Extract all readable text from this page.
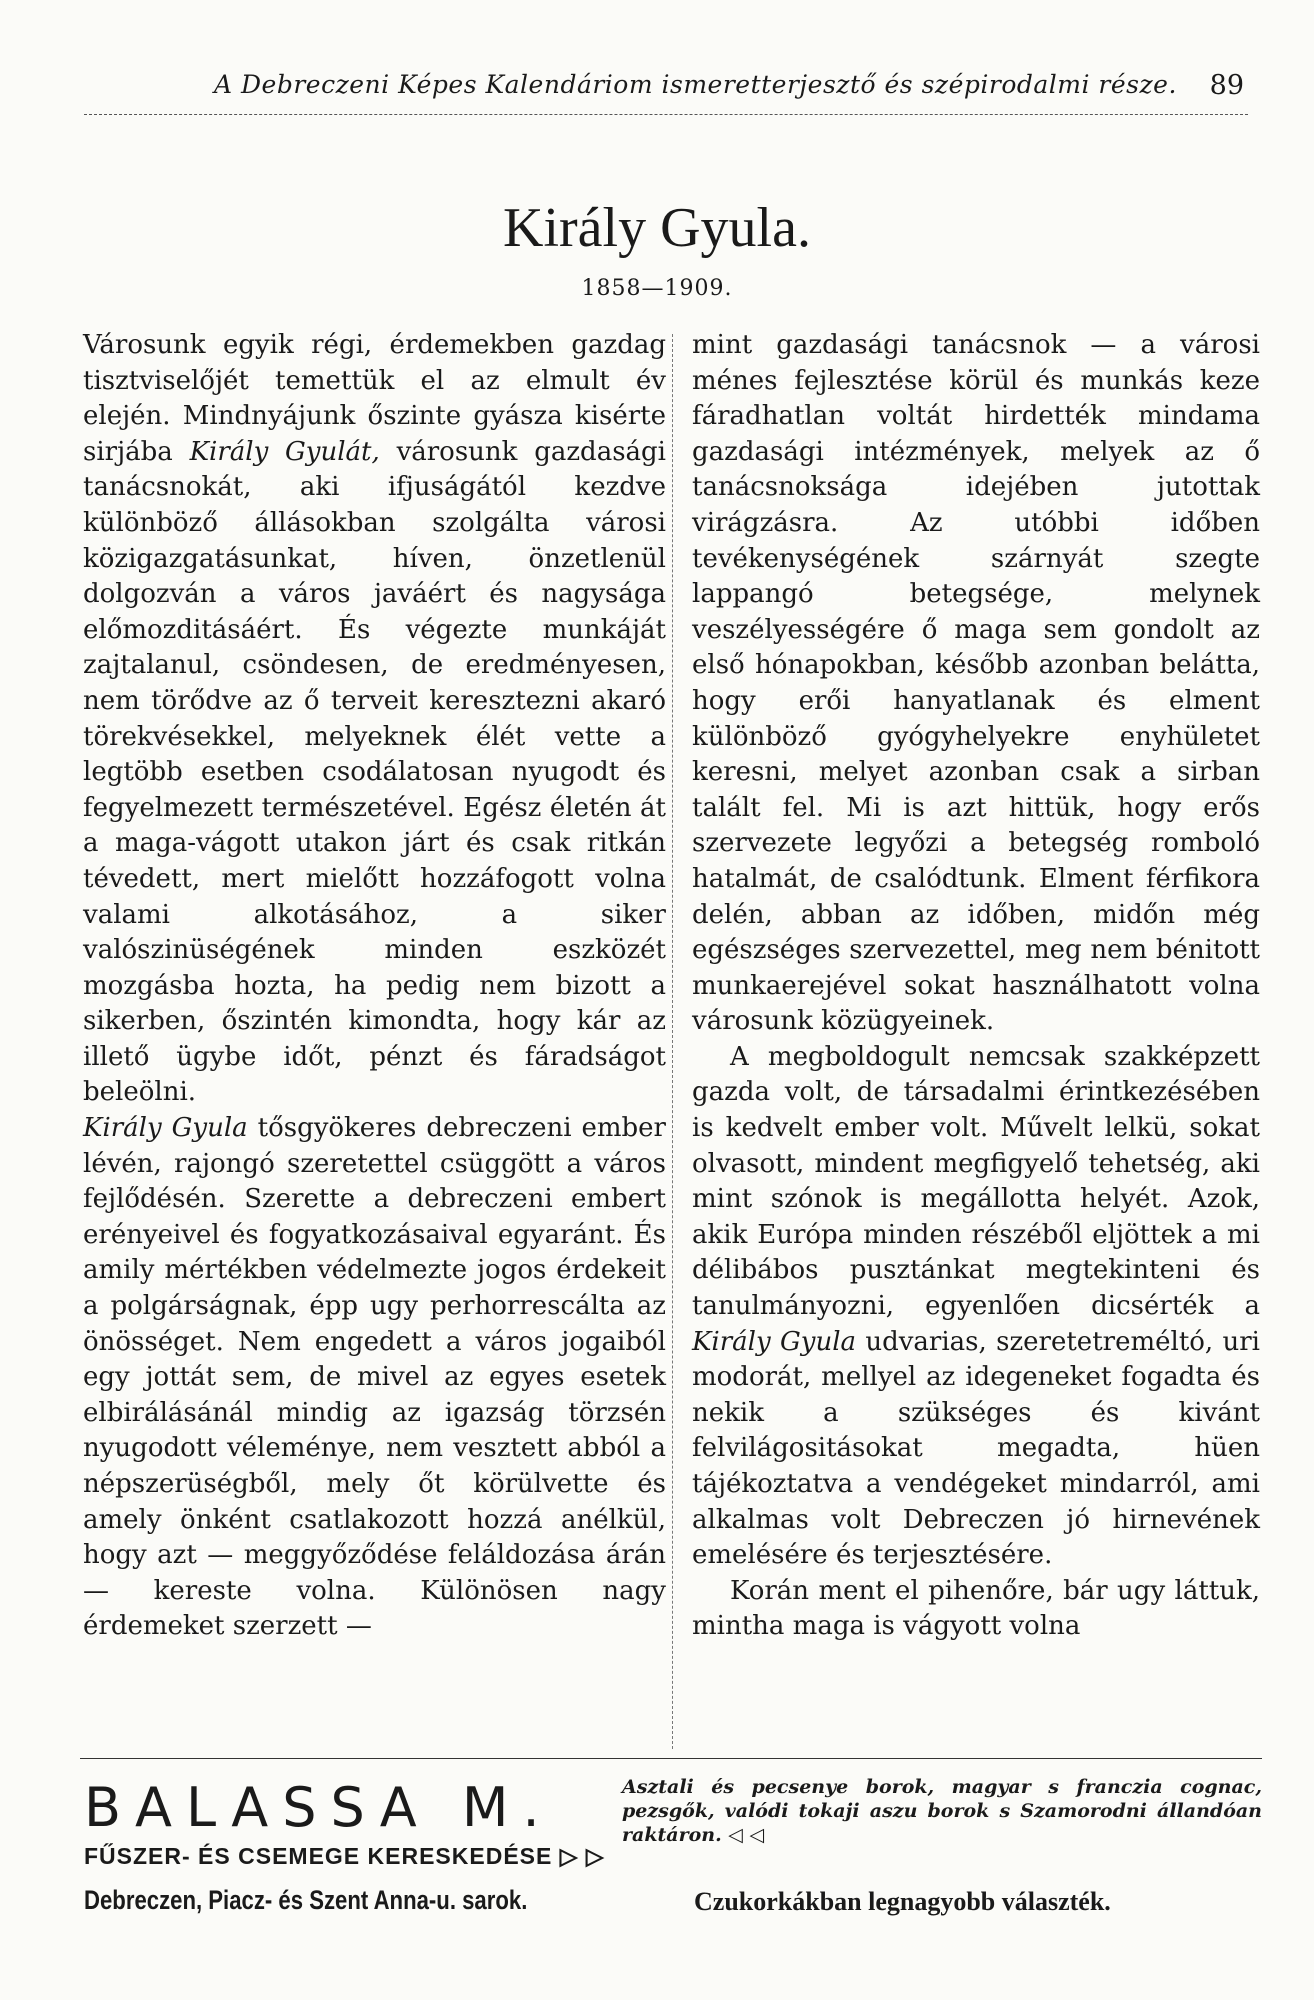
A Debreczeni Képes Kalendáriom ismeretterjesztő és szépirodalmi része. 89
Király Gyula.
1858—1909.

Városunk egyik régi, érdemekben gazdag tisztviselőjét temettük el az elmult év elején. Mindnyájunk őszinte gyásza kisérte sirjába Király Gyulát, városunk gazdasági tanácsnokát, aki ifjuságától kezdve különböző állásokban szolgálta városi közigazgatásunkat, híven, önzetlenül dolgozván a város javáért és nagysága előmozditásáért. És végezte munkáját zajtalanul, csöndesen, de eredményesen, nem törődve az ő terveit keresztezni akaró törekvésekkel, melyeknek élét vette a legtöbb esetben csodálatosan nyugodt és fegyelmezett természetével. Egész életén át a maga-vágott utakon járt és csak ritkán tévedett, mert mielőtt hozzáfogott volna valami alkotásához, a siker valószinüségének minden eszközét mozgásba hozta, ha pedig nem bizott a sikerben, őszintén kimondta, hogy kár az illető ügybe időt, pénzt és fáradságot beleölni.

Király Gyula tősgyökeres debreczeni ember lévén, rajongó szeretettel csüggött a város fejlődésén. Szerette a debreczeni embert erényeivel és fogyatkozásaival egyaránt. És amily mértékben védelmezte jogos érdekeit a polgárságnak, épp ugy perhorrescálta az önösséget. Nem engedett a város jogaiból egy jottát sem, de mivel az egyes esetek elbirálásánál mindig az igazság törzsén nyugodott véleménye, nem vesztett abból a népszerüségből, mely őt körülvette és amely önként csatlakozott hozzá anélkül, hogy azt — meggyőződése feláldozása árán — kereste volna. Különösen nagy érdemeket szerzett —

mint gazdasági tanácsnok — a városi ménes fejlesztése körül és munkás keze fáradhatlan voltát hirdették mindama gazdasági intézmények, melyek az ő tanácsnoksága idejében jutottak virágzásra. Az utóbbi időben tevékenységének szárnyát szegte lappangó betegsége, melynek veszélyességére ő maga sem gondolt az első hónapokban, később azonban belátta, hogy erői hanyatlanak és elment különböző gyógyhelyekre enyhületet keresni, melyet azonban csak a sirban talált fel. Mi is azt hittük, hogy erős szervezete legyőzi a betegség romboló hatalmát, de csalódtunk. Elment férfikora delén, abban az időben, midőn még egészséges szervezettel, meg nem bénitott munkaerejével sokat használhatott volna városunk közügyeinek.

A megboldogult nemcsak szakképzett gazda volt, de társadalmi érintkezésében is kedvelt ember volt. Művelt lelkü, sokat olvasott, mindent megfigyelő tehetség, aki mint szónok is megállotta helyét. Azok, akik Európa minden részéből eljöttek a mi délibábos pusztánkat megtekinteni és tanulmányozni, egyenlően dicsérték a Király Gyula udvarias, szeretetreméltó, uri modorát, mellyel az idegeneket fogadta és nekik a szükséges és kivánt felvilágositásokat megadta, hüen tájékoztatva a vendégeket mindarról, ami alkalmas volt Debreczen jó hirnevének emelésére és terjesztésére.

Korán ment el pihenőre, bár ugy láttuk, mintha maga is vágyott volna

BALASSA M.
FŰSZER- ÉS CSEMEGE KERESKEDÉSE ▷ ▷
Debreczen, Piacz- és Szent Anna-u. sarok.
Asztali és pecsenye borok, magyar s franczia cognac, pezsgők, valódi tokaji aszu borok s Szamorodni állandóan raktáron. ◁ ◁
Czukorkákban legnagyobb választék.
